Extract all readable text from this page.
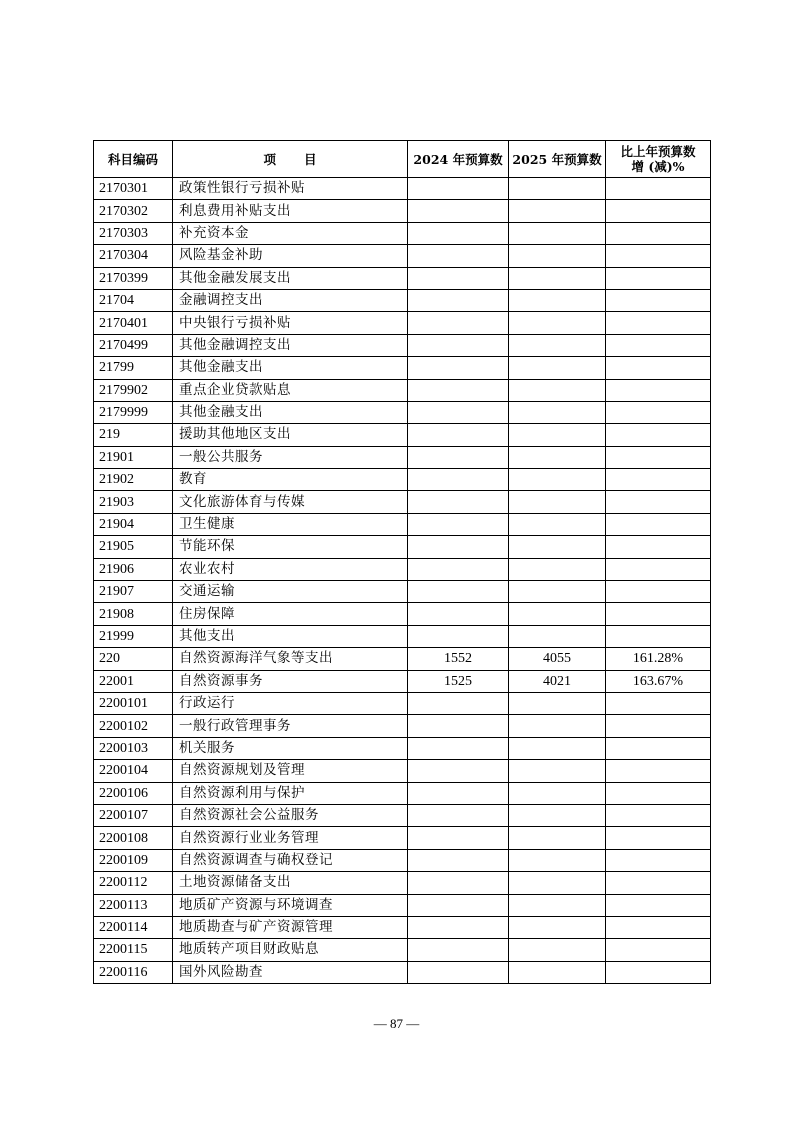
科目编码	项 目	2024 年预算数	2025 年预算数	比上年预算数
增 (减)%
2170301	政策性银行亏损补贴			
2170302	利息费用补贴支出			
2170303	补充资本金			
2170304	风险基金补助			
2170399	其他金融发展支出			
21704	金融调控支出			
2170401	中央银行亏损补贴			
2170499	其他金融调控支出			
21799	其他金融支出			
2179902	重点企业贷款贴息			
2179999	其他金融支出			
219	援助其他地区支出			
21901	一般公共服务			
21902	教育			
21903	文化旅游体育与传媒			
21904	卫生健康			
21905	节能环保			
21906	农业农村			
21907	交通运输			
21908	住房保障			
21999	其他支出			
220	自然资源海洋气象等支出	1552	4055	161.28%
22001	自然资源事务	1525	4021	163.67%
2200101	行政运行			
2200102	一般行政管理事务			
2200103	机关服务			
2200104	自然资源规划及管理			
2200106	自然资源利用与保护			
2200107	自然资源社会公益服务			
2200108	自然资源行业业务管理			
2200109	自然资源调查与确权登记			
2200112	土地资源储备支出			
2200113	地质矿产资源与环境调查			
2200114	地质勘查与矿产资源管理			
2200115	地质转产项目财政贴息			
2200116	国外风险勘查			
— 87 —
